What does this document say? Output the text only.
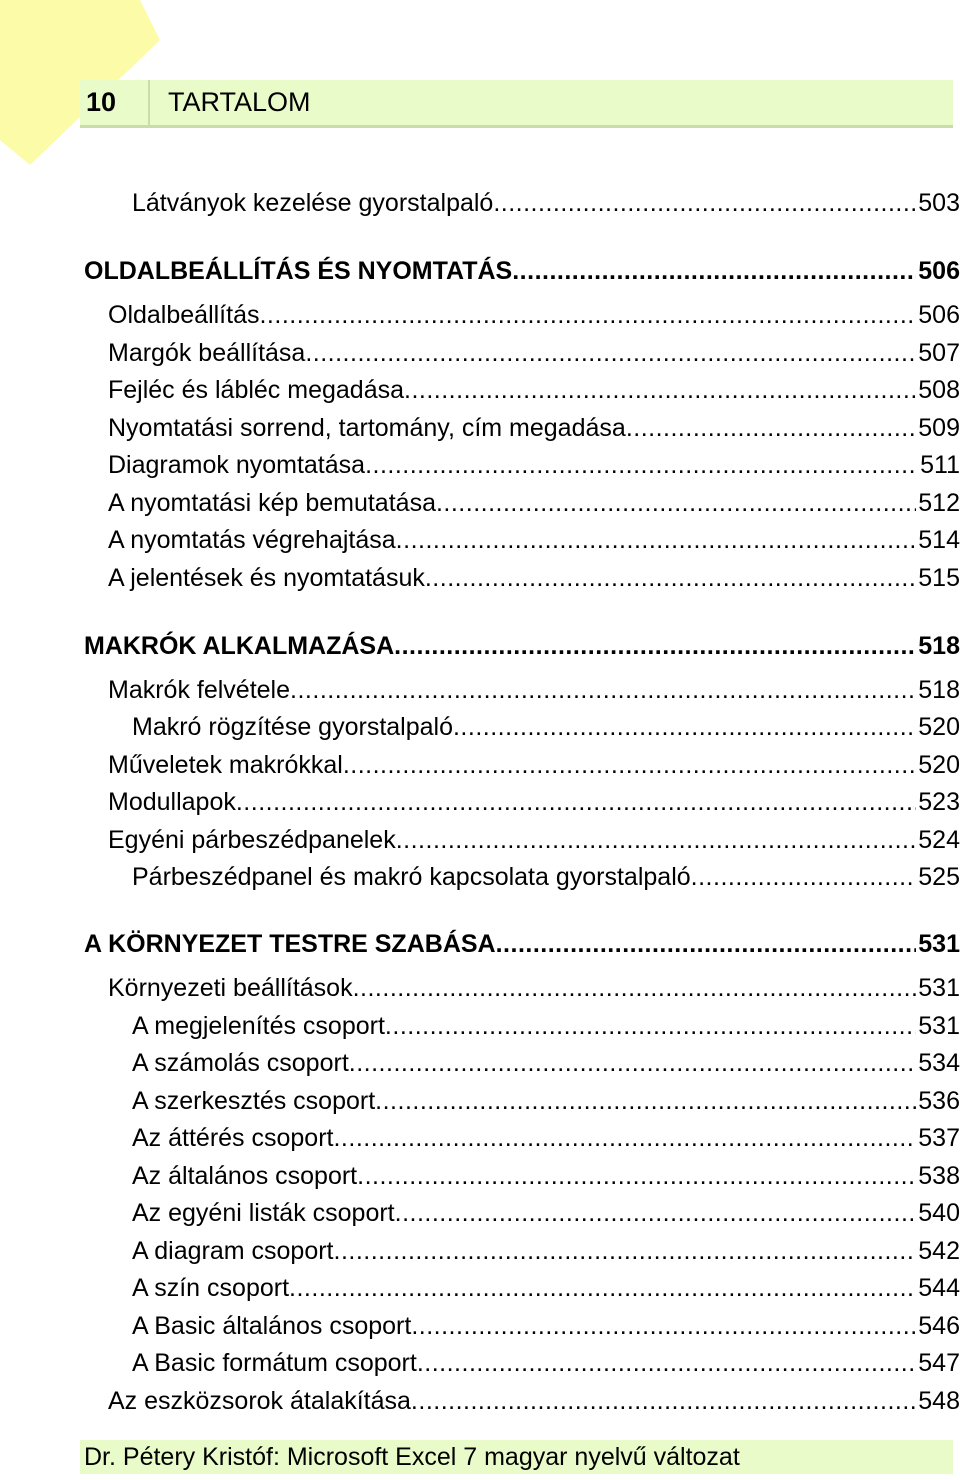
10	TARTALOM
Látványok kezelése gyorstalpaló .....	503
OLDALBEÁLLÍTÁS ÉS NYOMTATÁS .....	506
Oldalbeállítás .....	506
Margók beállítása .....	507
Fejléc és lábléc megadása .....	508
Nyomtatási sorrend, tartomány, cím megadása .....	509
Diagramok nyomtatása .....	511
A nyomtatási kép bemutatása .....	512
A nyomtatás végrehajtása .....	514
A jelentések és nyomtatásuk .....	515
MAKRÓK ALKALMAZÁSA .....	518
Makrók felvétele .....	518
Makró rögzítése gyorstalpaló .....	520
Műveletek makrókkal .....	520
Modullapok .....	523
Egyéni párbeszédpanelek .....	524
Párbeszédpanel és makró kapcsolata gyorstalpaló .....	525
A KÖRNYEZET TESTRE SZABÁSA .....	531
Környezeti beállítások .....	531
A megjelenítés csoport .....	531
A számolás csoport .....	534
A szerkesztés csoport .....	536
Az áttérés csoport .....	537
Az általános csoport .....	538
Az egyéni listák csoport .....	540
A diagram csoport .....	542
A szín csoport .....	544
A Basic általános csoport .....	546
A Basic formátum csoport .....	547
Az eszközsorok átalakítása .....	548
Dr. Pétery Kristóf: Microsoft Excel 7 magyar nyelvű változat
